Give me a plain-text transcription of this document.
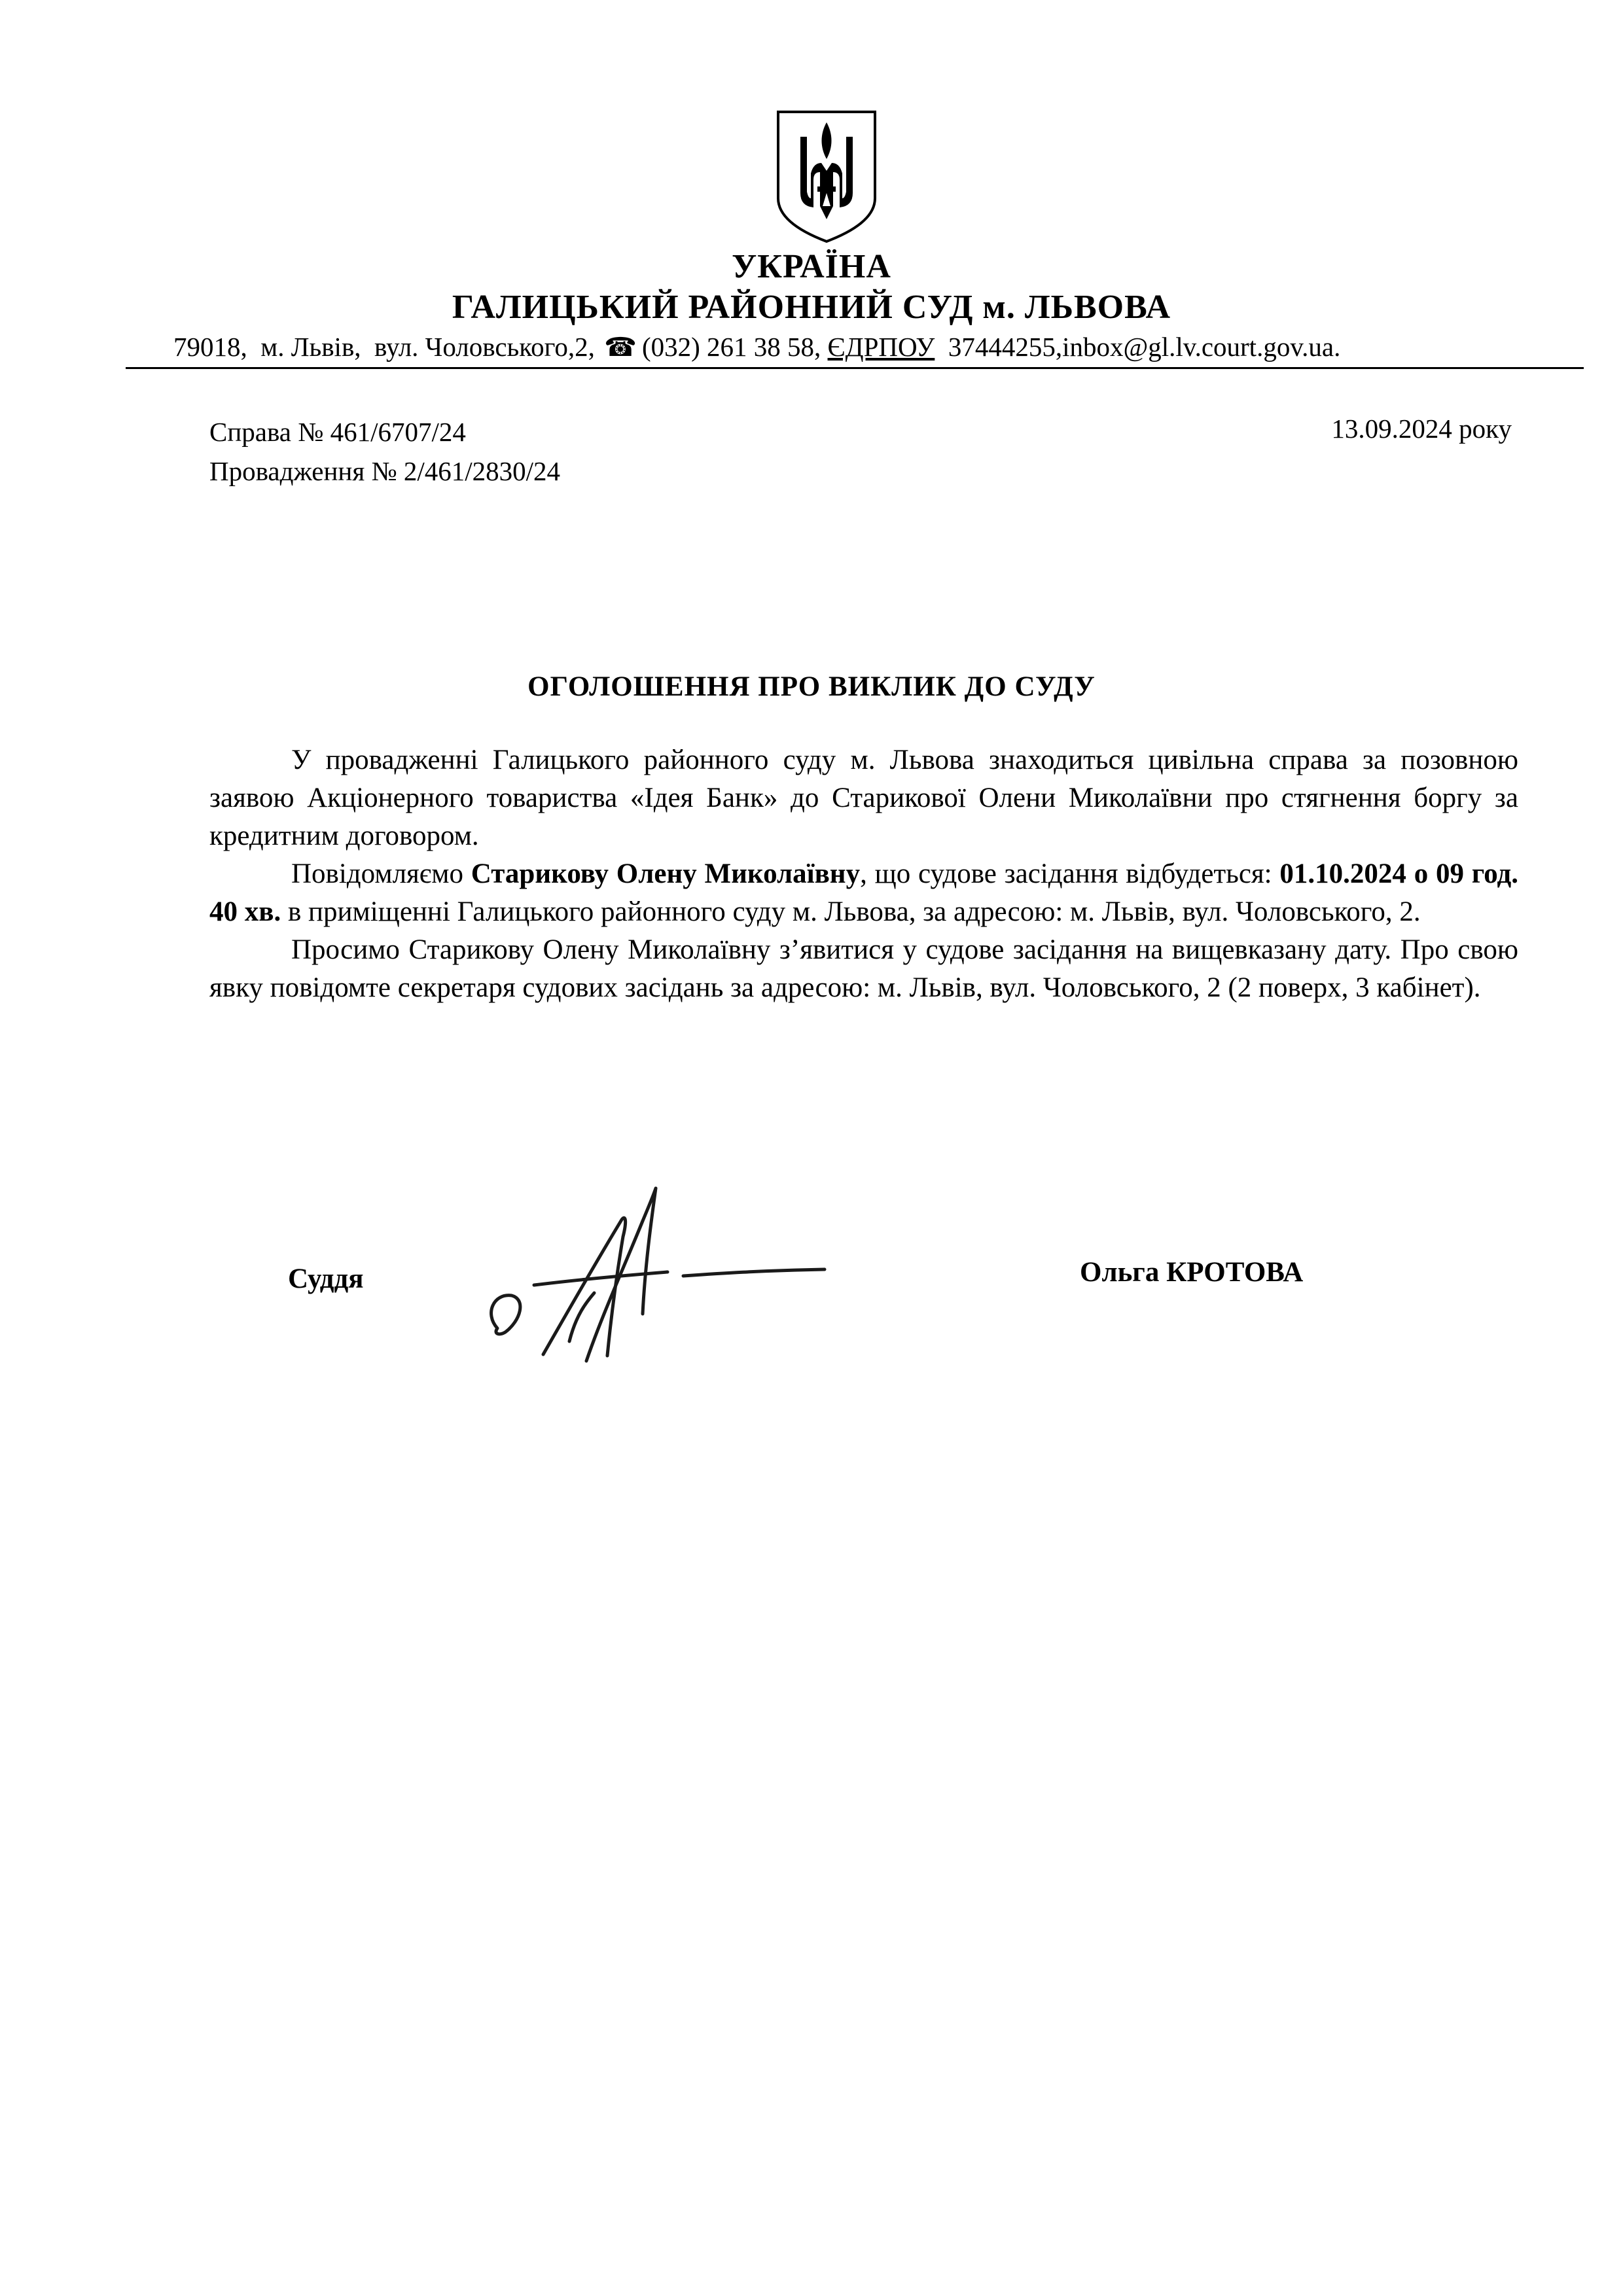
УКРАЇНА
ГАЛИЦЬКИЙ РАЙОННИЙ СУД м. ЛЬВОВА
79018,  м. Львів,  вул. Чоловського,2, ☎ (032) 261 38 58, ЄДРПОУ 37444255,inbox@gl.lv.court.gov.ua.
Справа № 461/6707/24
Провадження № 2/461/2830/24
13.09.2024 року
ОГОЛОШЕННЯ ПРО ВИКЛИК ДО СУДУ

У провадженні Галицького районного суду м. Львова знаходиться цивільна справа за позовною заявою Акціонерного товариства «Ідея Банк» до Старикової Олени Миколаївни про стягнення боргу за кредитним договором.

Повідомляємо Старикову Олену Миколаївну, що судове засідання відбудеться: 01.10.2024 о 09 год. 40 хв. в приміщенні Галицького районного суду м. Львова, за адресою: м. Львів, вул. Чоловського, 2.

Просимо Старикову Олену Миколаївну з’явитися у судове засідання на вищевказану дату. Про свою явку повідомте секретаря судових засідань за адресою: м. Львів, вул. Чоловського, 2 (2 поверх, 3 кабінет).

Суддя	Ольга КРОТОВА
